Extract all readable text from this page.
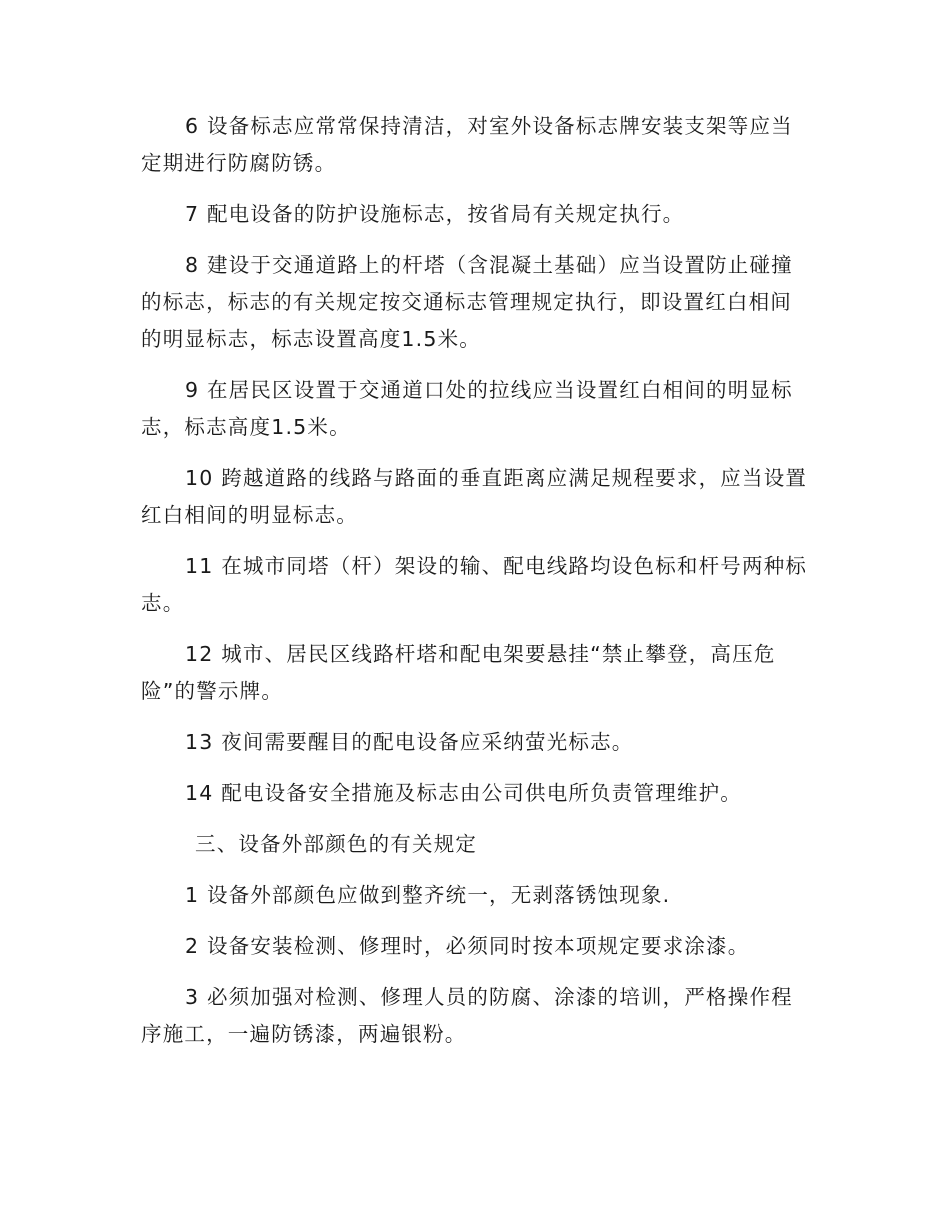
6 设备标志应常常保持清洁，对室外设备标志牌安装支架等应当定期进行防腐防锈。

7 配电设备的防护设施标志，按省局有关规定执行。

8 建设于交通道路上的杆塔（含混凝土基础）应当设置防止碰撞的标志，标志的有关规定按交通标志管理规定执行，即设置红白相间的明显标志，标志设置高度1.5米。

9 在居民区设置于交通道口处的拉线应当设置红白相间的明显标志，标志高度1.5米。

10 跨越道路的线路与路面的垂直距离应满足规程要求，应当设置红白相间的明显标志。

11 在城市同塔（杆）架设的输、配电线路均设色标和杆号两种标志。

12 城市、居民区线路杆塔和配电架要悬挂“禁止攀登，高压危险”的警示牌。

13 夜间需要醒目的配电设备应采纳萤光标志。

14 配电设备安全措施及标志由公司供电所负责管理维护。

三、设备外部颜色的有关规定

1 设备外部颜色应做到整齐统一，无剥落锈蚀现象.

2 设备安装检测、修理时，必须同时按本项规定要求涂漆。

3 必须加强对检测、修理人员的防腐、涂漆的培训，严格操作程序施工，一遍防锈漆，两遍银粉。
